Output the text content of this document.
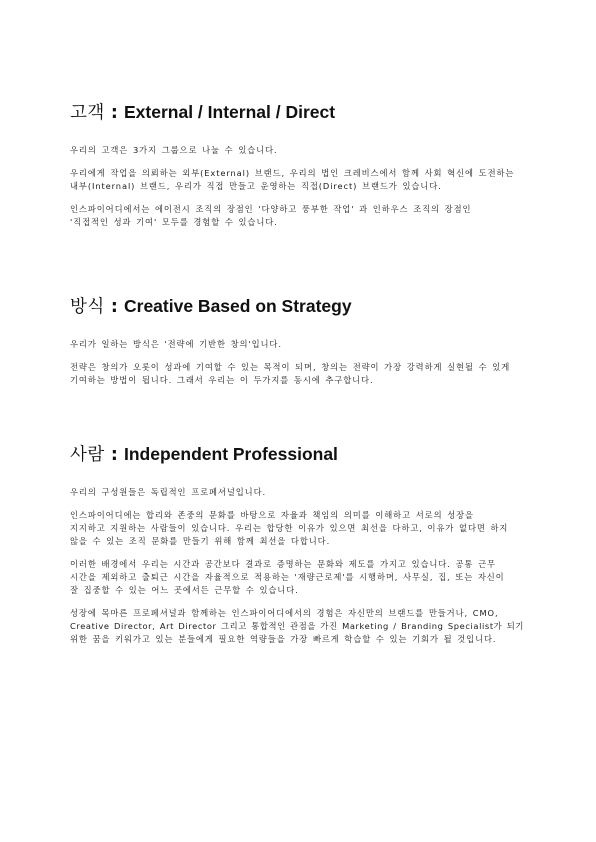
고객 : External / Internal / Direct

우리의 고객은 3가지 그룹으로 나눌 수 있습니다.

우리에게 작업을 의뢰하는 외부(External) 브랜드, 우리의 법인 크레비스에서 함께 사회 혁신에 도전하는
내부(Internal) 브랜드, 우리가 직접 만들고 운영하는 직접(Direct) 브랜드가 있습니다.

인스파이어디에서는 에이전시 조직의 장점인 '다양하고 풍부한 작업' 과 인하우스 조직의 장점인
'직접적인 성과 기여' 모두를 경험할 수 있습니다.

방식 : Creative Based on Strategy

우리가 일하는 방식은 '전략에 기반한 창의'입니다.

전략은 창의가 오롯이 성과에 기여할 수 있는 목적이 되며, 창의는 전략이 가장 강력하게 실현될 수 있게
기여하는 방법이 됩니다. 그래서 우리는 이 두가지를 동시에 추구합니다.

사람 : Independent Professional

우리의 구성원들은 독립적인 프로페셔널입니다.

인스파이어디에는 합리와 존중의 문화를 바탕으로 자율과 책임의 의미를 이해하고 서로의 성장을
지지하고 지원하는 사람들이 있습니다. 우리는 합당한 이유가 있으면 최선을 다하고, 이유가 없다면 하지
않을 수 있는 조직 문화를 만들기 위해 함께 최선을 다합니다.

이러한 배경에서 우리는 시간과 공간보다 결과로 증명하는 문화와 제도를 가지고 있습니다. 공통 근무
시간을 제외하고 출퇴근 시간을 자율적으로 적용하는 '재량근로제'를 시행하며, 사무실, 집, 또는 자신이
잘 집중할 수 있는 어느 곳에서든 근무할 수 있습니다.

성장에 목마른 프로페셔널과 함께하는 인스파이어디에서의 경험은 자신만의 브랜드를 만들거나, CMO,
Creative Director, Art Director 그리고 통합적인 관점을 가진 Marketing / Branding Specialist가 되기
위한 꿈을 키워가고 있는 분들에게 필요한 역량들을 가장 빠르게 학습할 수 있는 기회가 될 것입니다.
